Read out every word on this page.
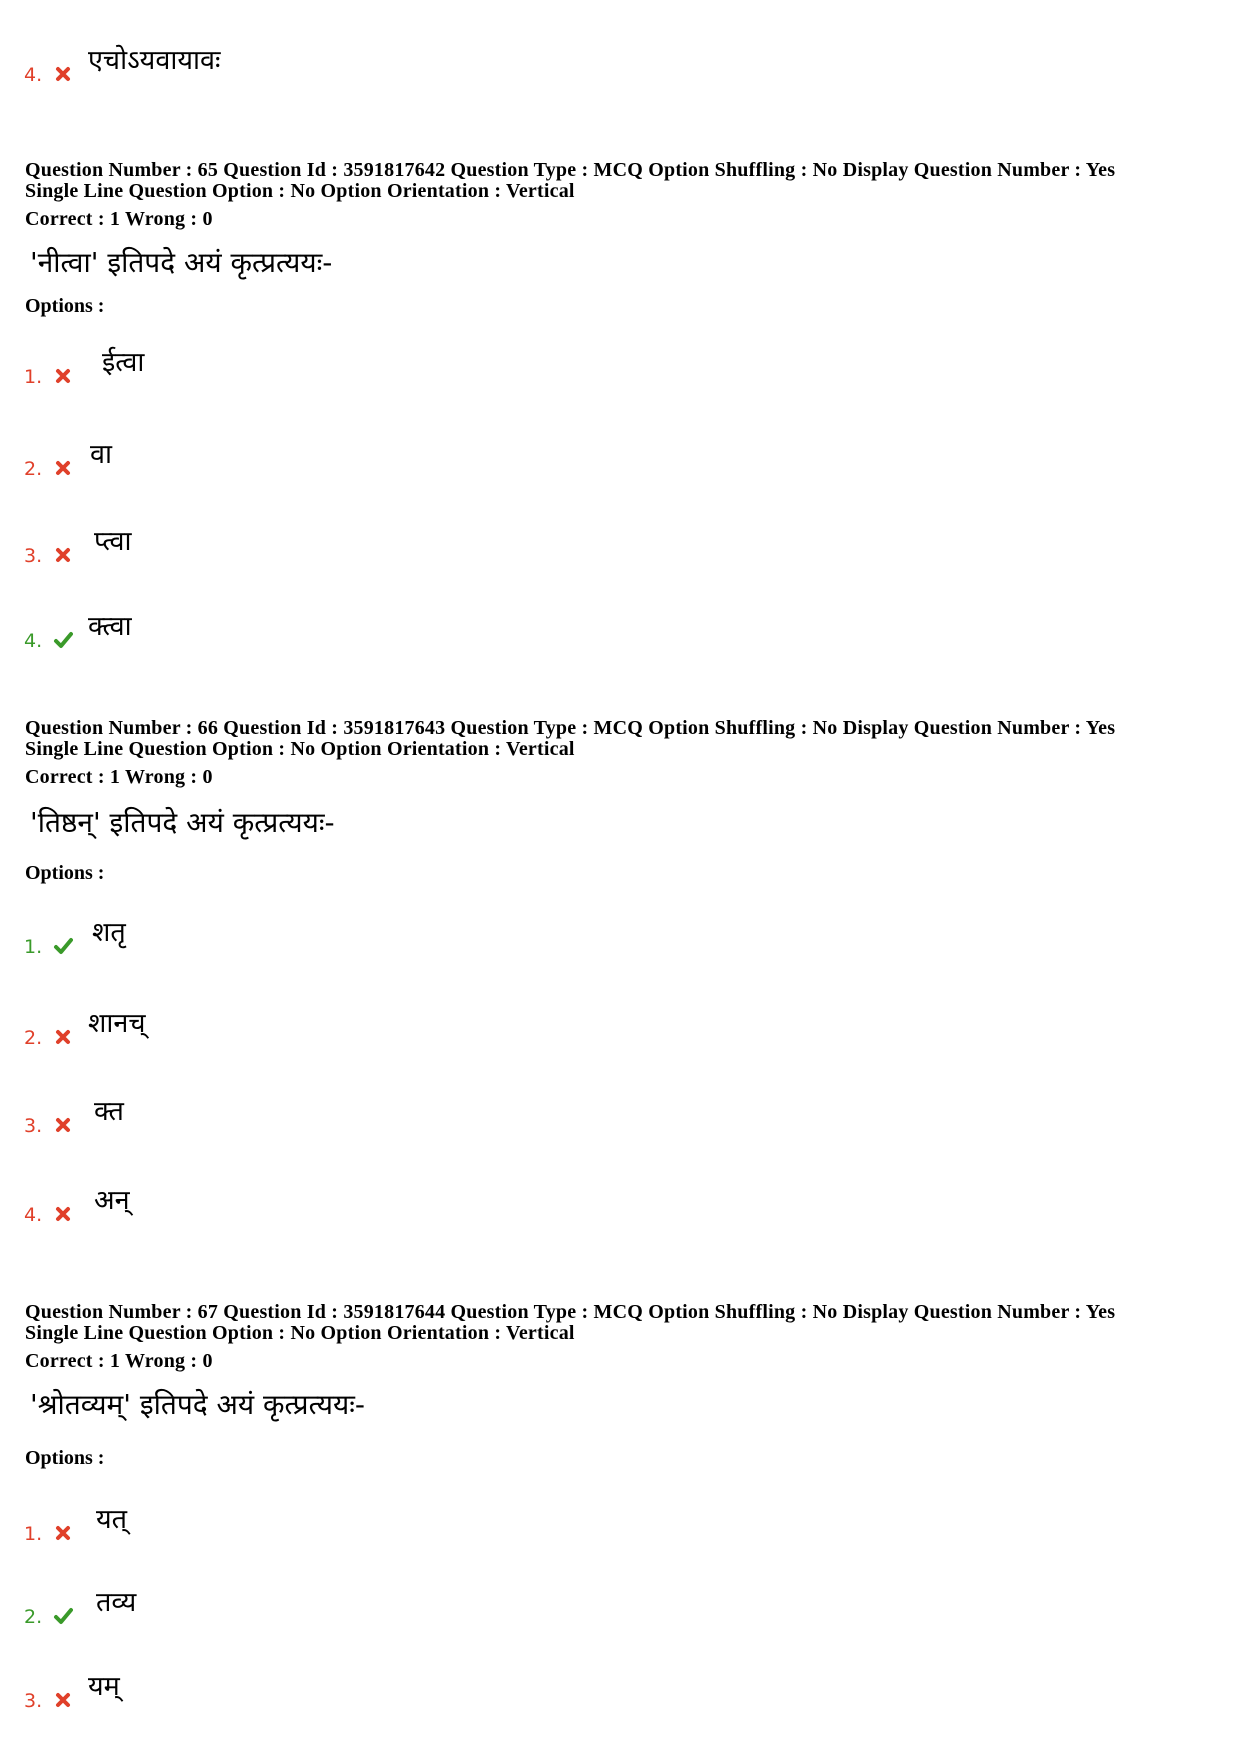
4. एचोऽयवायावः
Question Number : 65 Question Id : 3591817642 Question Type : MCQ Option Shuffling : No Display Question Number : Yes
Single Line Question Option : No Option Orientation : Vertical
Correct : 1 Wrong : 0
'नीत्वा' इतिपदे अयं कृत्प्रत्ययः-
Options :
1. ईत्वा
2. वा
3. प्त्वा
4. क्त्वा
Question Number : 66 Question Id : 3591817643 Question Type : MCQ Option Shuffling : No Display Question Number : Yes
Single Line Question Option : No Option Orientation : Vertical
Correct : 1 Wrong : 0
'तिष्ठन्' इतिपदे अयं कृत्प्रत्ययः-
Options :
1. शतृ
2. शानच्
3. क्त
4. अन्
Question Number : 67 Question Id : 3591817644 Question Type : MCQ Option Shuffling : No Display Question Number : Yes
Single Line Question Option : No Option Orientation : Vertical
Correct : 1 Wrong : 0
'श्रोतव्यम्' इतिपदे अयं कृत्प्रत्ययः-
Options :
1. यत्
2. तव्य
3. यम्
